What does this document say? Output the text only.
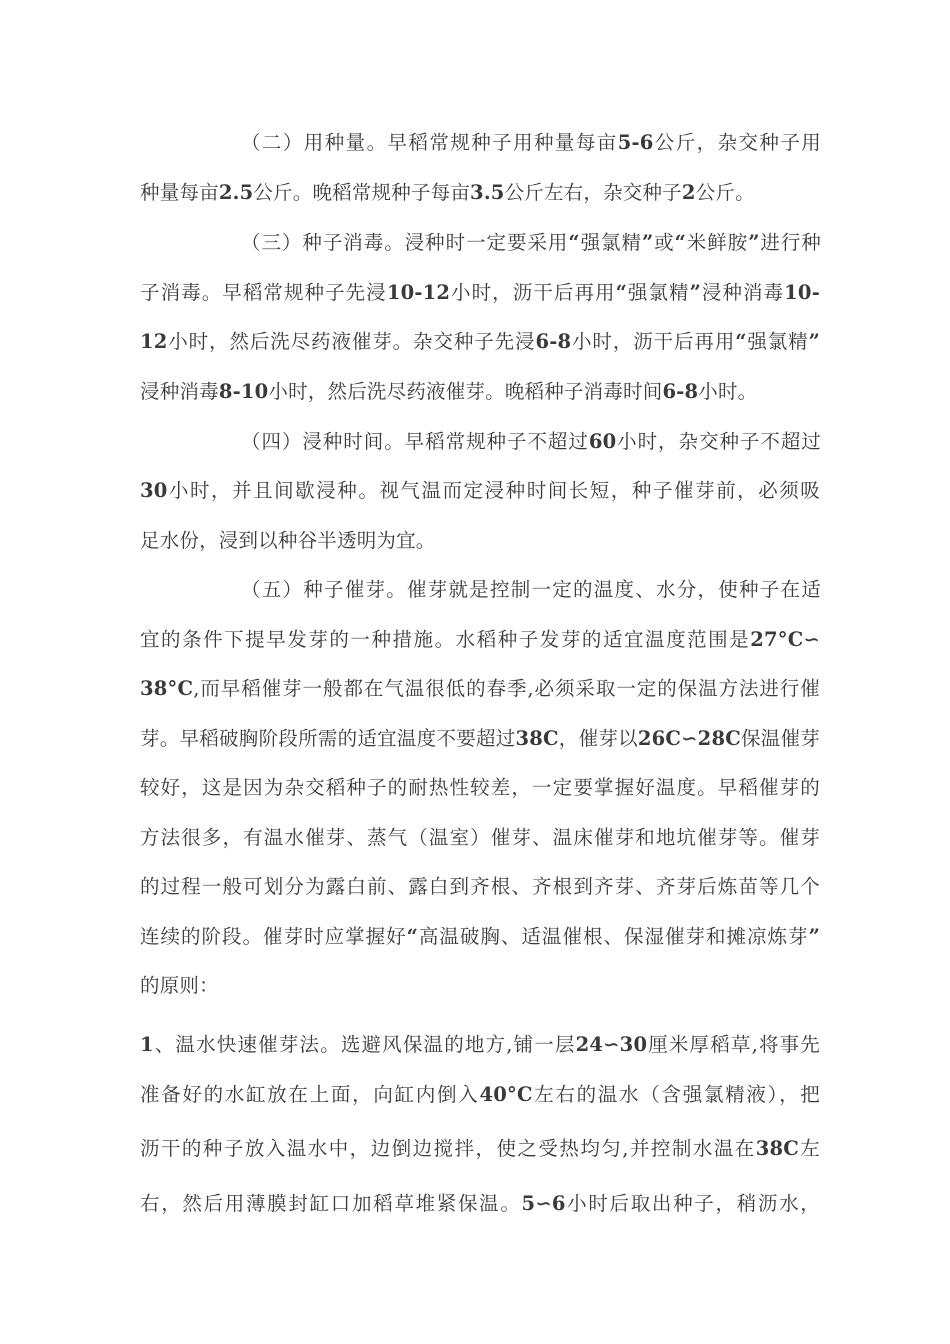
（二）用种量。早稻常规种子用种量每亩5-6公斤，杂交种子用
种量每亩2.5公斤。晚稻常规种子每亩3.5公斤左右，杂交种子2公斤。
（三）种子消毒。浸种时一定要采用“强氯精”或“米鲜胺”进行种
子消毒。早稻常规种子先浸10-12小时，沥干后再用“强氯精”浸种消毒10-
12小时，然后洗尽药液催芽。杂交种子先浸6-8小时，沥干后再用“强氯精”
浸种消毒8-10小时，然后洗尽药液催芽。晚稻种子消毒时间6-8小时。
（四）浸种时间。早稻常规种子不超过60小时，杂交种子不超过
30小时，并且间歇浸种。视气温而定浸种时间长短，种子催芽前，必须吸
足水份，浸到以种谷半透明为宜。
（五）种子催芽。催芽就是控制一定的温度、水分，使种子在适
宜的条件下提早发芽的一种措施。水稻种子发芽的适宜温度范围是27°C∽
38°C,而早稻催芽一般都在气温很低的春季,必须采取一定的保温方法进行催
芽。早稻破胸阶段所需的适宜温度不要超过38C，催芽以26C∽28C保温催芽
较好，这是因为杂交稻种子的耐热性较差，一定要掌握好温度。早稻催芽的
方法很多，有温水催芽、蒸气（温室）催芽、温床催芽和地坑催芽等。催芽
的过程一般可划分为露白前、露白到齐根、齐根到齐芽、齐芽后炼苗等几个
连续的阶段。催芽时应掌握好“高温破胸、适温催根、保湿催芽和摊凉炼芽”
的原则：
1、温水快速催芽法。选避风保温的地方,铺一层24∽30厘米厚稻草,将事先
准备好的水缸放在上面，向缸内倒入40°C左右的温水（含强氯精液），把
沥干的种子放入温水中，边倒边搅拌，使之受热均匀,并控制水温在38C左
右，然后用薄膜封缸口加稻草堆紧保温。5∽6小时后取出种子，稍沥水，
